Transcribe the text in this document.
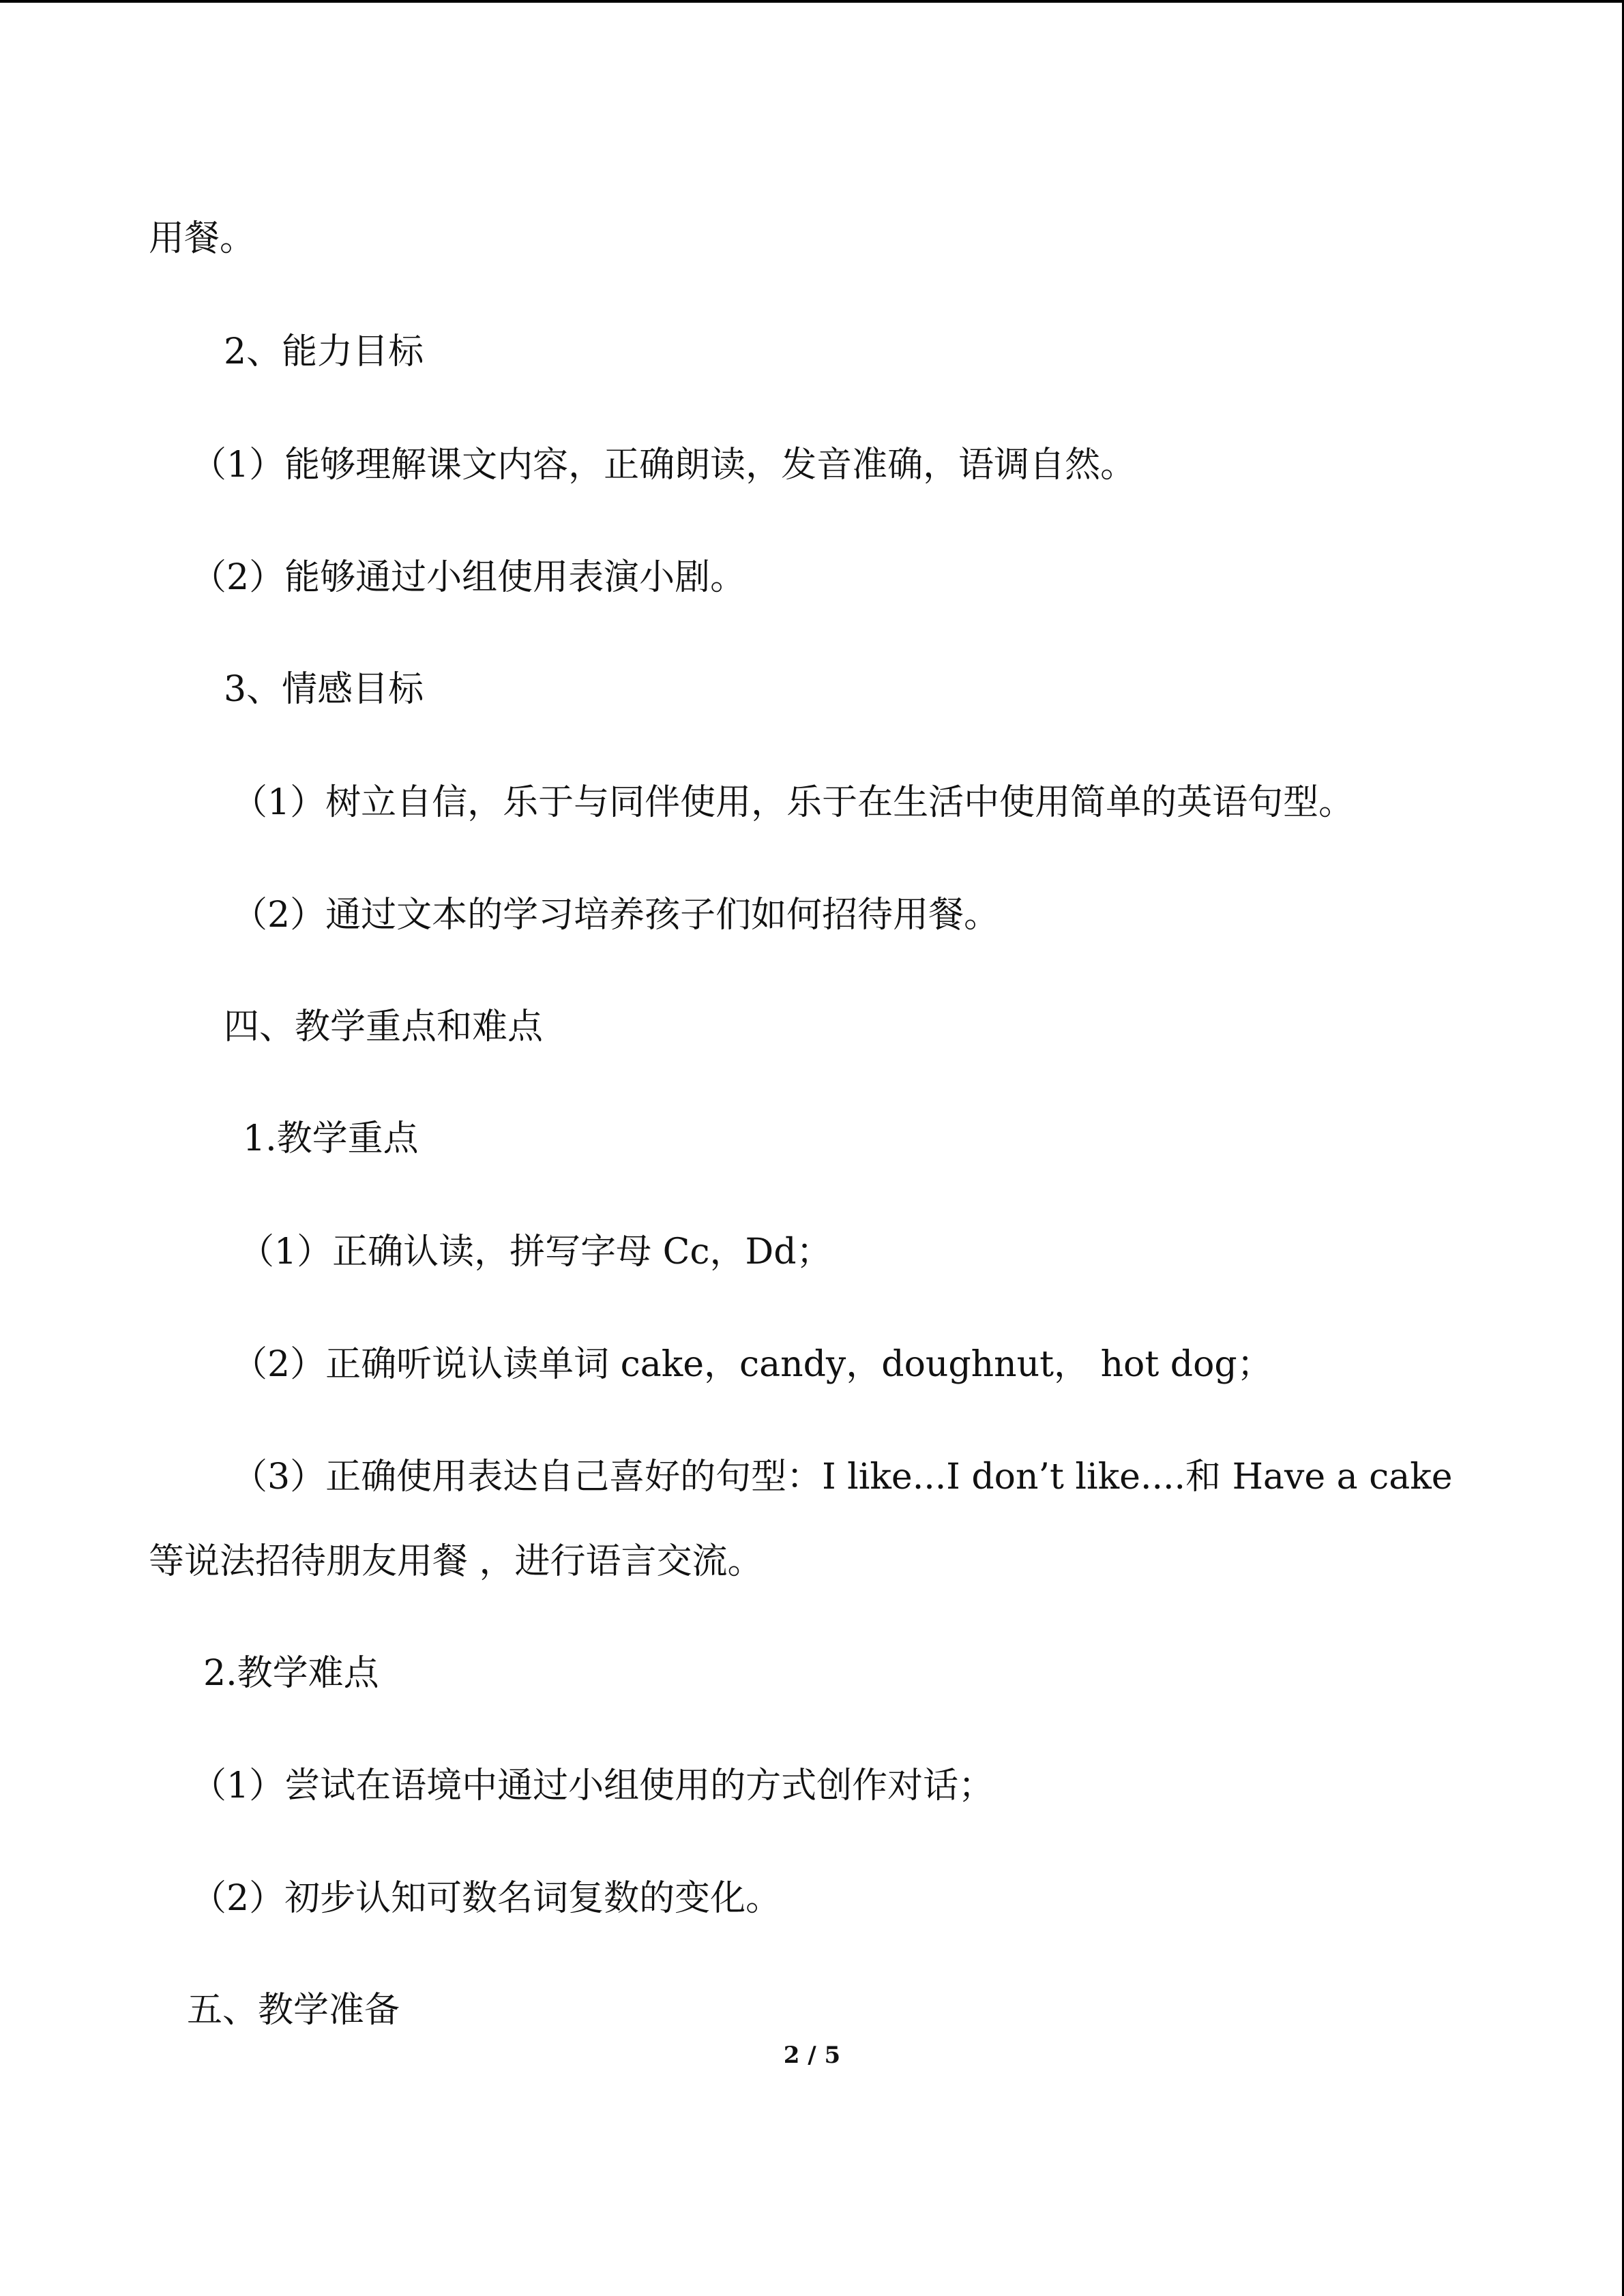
用餐。
2、能力目标
（1）能够理解课文内容，正确朗读，发音准确，语调自然。
（2）能够通过小组使用表演小剧。
3、情感目标
（1）树立自信，乐于与同伴使用，乐于在生活中使用简单的英语句型。
（2）通过文本的学习培养孩子们如何招待用餐。
四、教学重点和难点
1.教学重点
（1）正确认读，拼写字母 Cc，Dd；
（2）正确听说认读单词 cake，candy，doughnut， hot dog；
（3）正确使用表达自己喜好的句型：I like...I don’t like....和 Have a cake
等说法招待朋友用餐 ，进行语言交流。
2.教学难点
（1）尝试在语境中通过小组使用的方式创作对话；
（2）初步认知可数名词复数的变化。
五、教学准备
2 / 5
